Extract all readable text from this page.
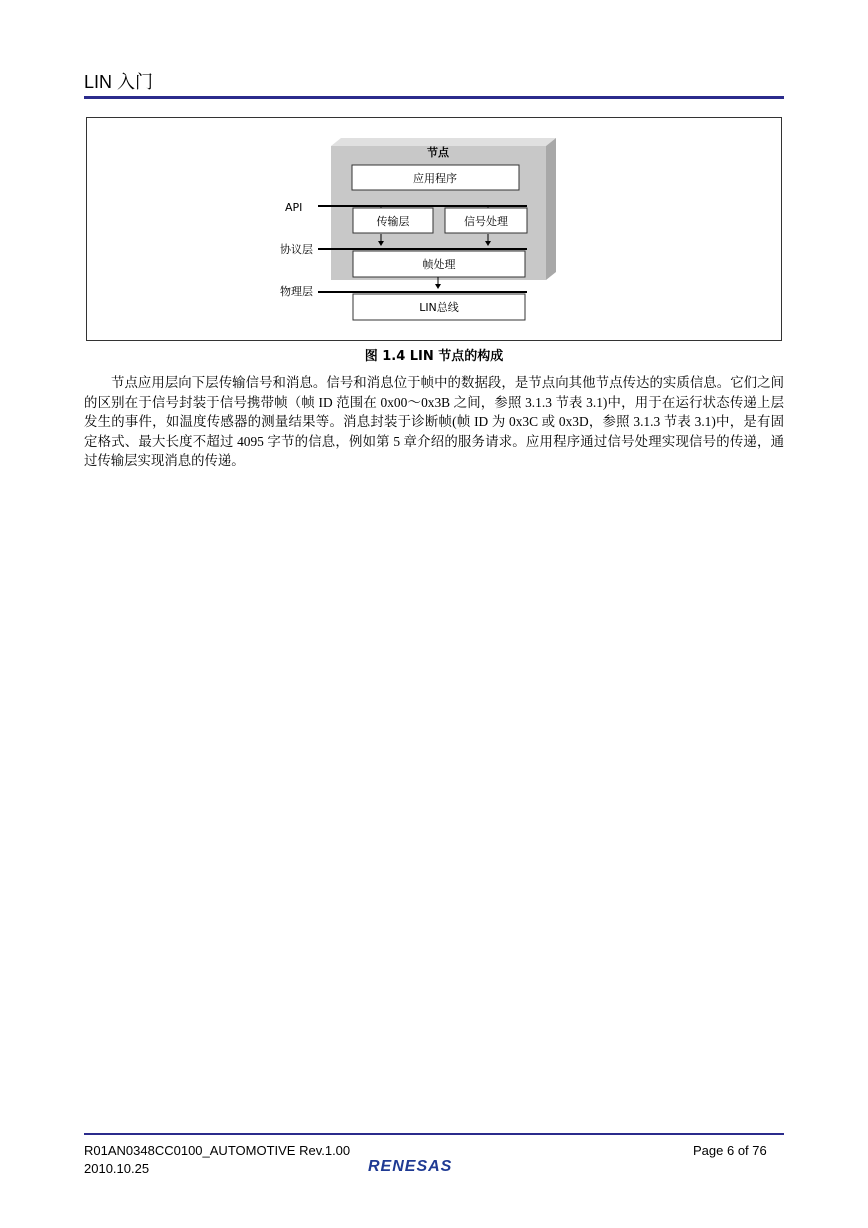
LIN 入门
节点
应用程序
API
传输层	信号处理
协议层
帧处理
物理层
LIN总线
图 1.4 LIN 节点的构成

节点应用层向下层传输信号和消息。信号和消息位于帧中的数据段，是节点向其他节点传达的实质信息。它们之间的区别在于信号封装于信号携带帧（帧 ID 范围在 0x00～0x3B 之间，参照 3.1.3 节表 3.1)中，用于在运行状态传递上层发生的事件，如温度传感器的测量结果等。消息封装于诊断帧(帧 ID 为 0x3C 或 0x3D，参照 3.1.3 节表 3.1)中，是有固定格式、最大长度不超过 4095 字节的信息，例如第 5 章介绍的服务请求。应用程序通过信号处理实现信号的传递，通过传输层实现消息的传递。

R01AN0348CC0100_AUTOMOTIVE Rev.1.00
2010.10.25
Page 6 of 76
RENESAS
